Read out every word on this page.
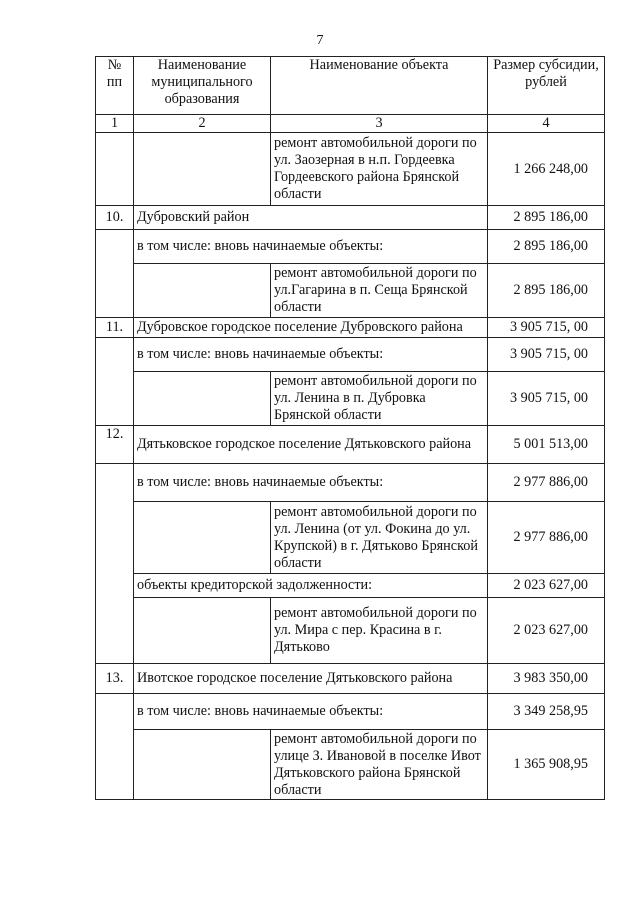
7
№ пп	Наименование муниципального образования	Наименование объекта	Размер субсидии, рублей
1	2	3	4
		ремонт автомобильной дороги по ул. Заозерная в н.п. Гордеевка Гордеевского района Брянской области	1 266 248,00
10.	Дубровский район		2 895 186,00
	в том числе: вновь начинаемые объекты:		2 895 186,00
		ремонт автомобильной дороги по ул.Гагарина в п. Сеща Брянской области	2 895 186,00
11.	Дубровское городское поселение Дубровского района		3 905 715, 00
	в том числе: вновь начинаемые объекты:		3 905 715, 00
		ремонт автомобильной дороги по ул. Ленина в п. Дубровка Брянской области	3 905 715, 00
12.	Дятьковское городское поселение Дятьковского района		5 001 513,00
	в том числе: вновь начинаемые объекты:		2 977 886,00
		ремонт автомобильной дороги по ул. Ленина (от ул. Фокина до ул. Крупской) в г. Дятьково Брянской области	2 977 886,00
	объекты кредиторской задолженности:		2 023 627,00
		ремонт автомобильной дороги по ул. Мира с пер. Красина в г. Дятьково	2 023 627,00
13.	Ивотское городское поселение Дятьковского района		3 983 350,00
	в том числе: вновь начинаемые объекты:		3 349 258,95
		ремонт автомобильной дороги по улице З. Ивановой в поселке Ивот Дятьковского района Брянской области	1 365 908,95
